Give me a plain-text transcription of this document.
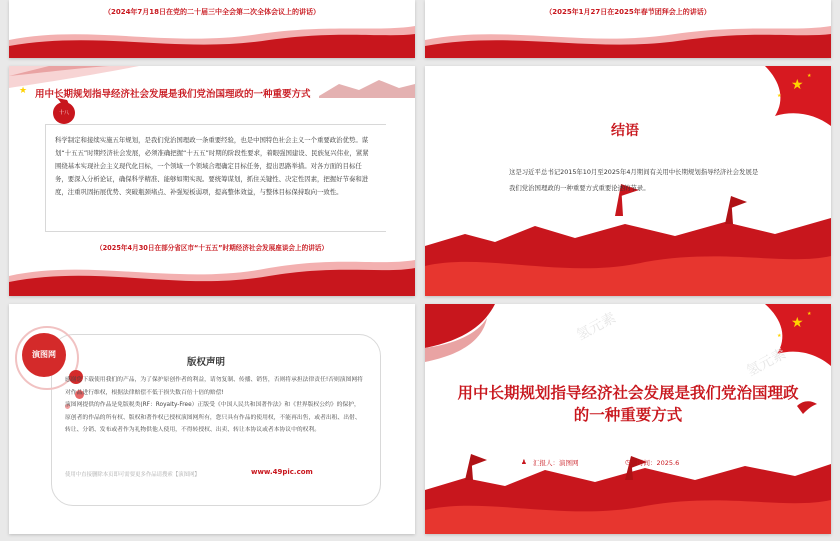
（2024年7月18日在党的二十届三中全会第二次全体会议上的讲话）	（2025年1月27日在2025年春节团拜会上的讲话）
★ 用中长期规划指导经济社会发展是我们党治国理政的一种重要方式
十八
科学制定和接续实施五年规划，是我们党治国理政一条重要经验，也是中国特色社会主义一个重要政治优势。谋划“十五五”时期经济社会发展，必须准确把握“十五五”时期的阶段性要求，着眼强国建设、民族复兴伟业，紧紧围绕基本实现社会主义现代化目标，一个领域一个领域合理确定目标任务，提出思路举措。对各方面的目标任务，要深入分析论证，确保科学精准、能够如期实现。要统筹谋划，抓住关键性、决定性因素，把握好节奏和进度，注重巩固拓展优势、突破瓶颈堵点、补强短板弱项，提高整体效益，与整体目标保持取向一致性。
（2025年4月30日在部分省区市“十五五”时期经济社会发展座谈会上的讲话）
★
★
★
结语
这是习近平总书记2015年10月至2025年4月期间有关用中长期规划指导经济社会发展是我们党治国理政的一种重要方式重要论述的节录。
演图网
版权声明
感谢您下载使用我们的产品，为了保护原创作者的利益，请勿复制、传播、销售，否则将承担法律责任!否则演图网将对作品进行维权，根据法律赔偿不低于损失数百倍十倍的赔偿!
演图网提供的作品是免版税类(RF：Royalty-Free）正版受《中国人民共和国著作法》和《世界版权公约》的保护，原创者的作品的所有权、版权和著作权已授权演图网所有，您只具有作品的使用权，不能再出售，或者出租、出借、转让、分销、发布或者作为礼物供他人使用，不得转授权、出卖、转让本协议或者本协议中的权利。
使用中直接删除本页即可需要更多作品请搜索【演图网】	www.49pic.com
★
★
★
氢元素
氢元素
用中长期规划指导经济社会发展是我们党治国理政的一种重要方式
♟ 汇报人：演图网	◷ 时间：2025.6
